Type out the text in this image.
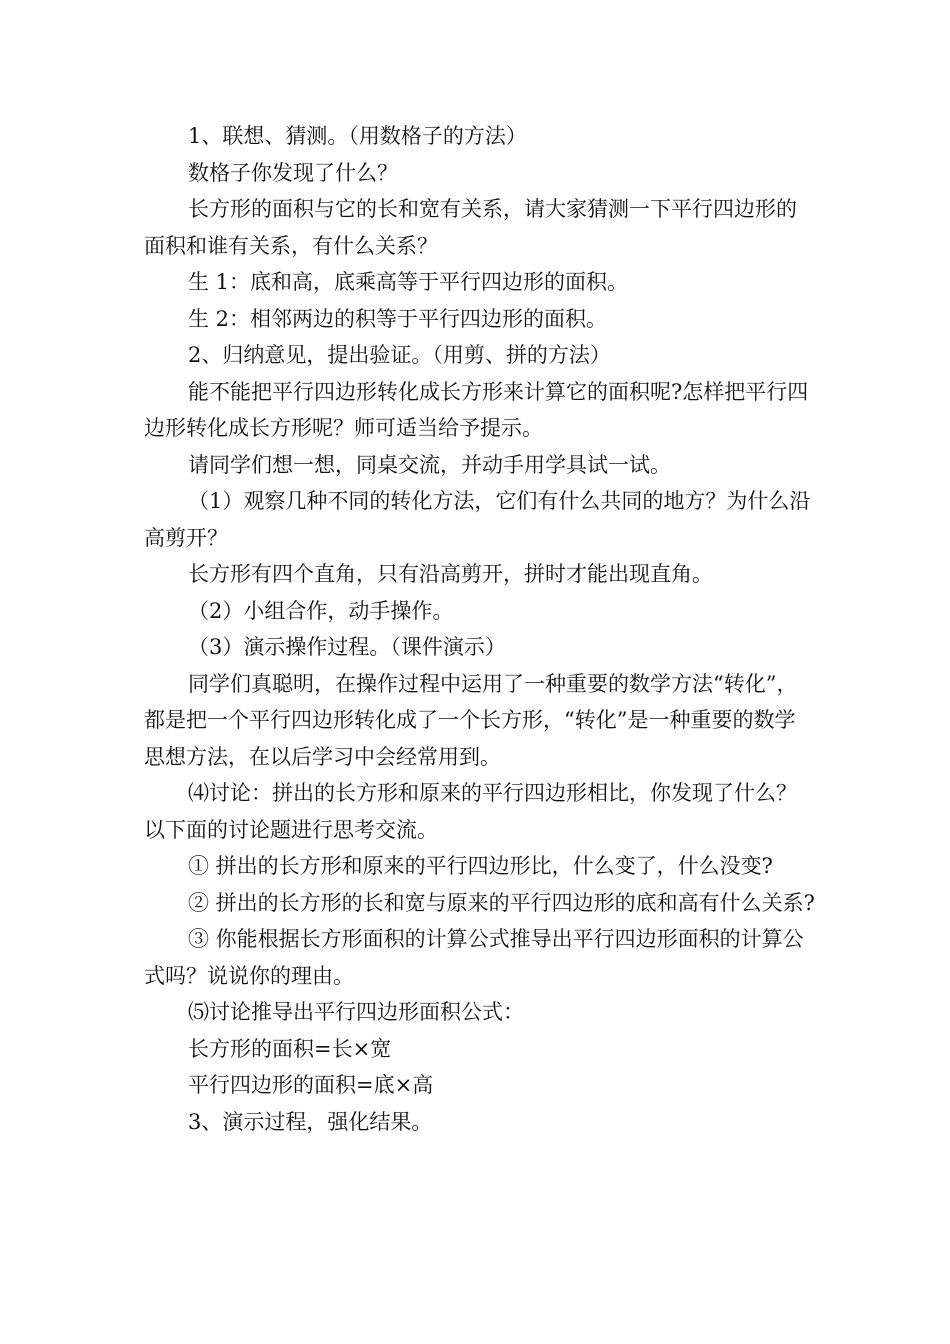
1、联想、猜测。（用数格子的方法）

数格子你发现了什么？

长方形的面积与它的长和宽有关系，请大家猜测一下平行四边形的面积和谁有关系，有什么关系？

生 1：底和高，底乘高等于平行四边形的面积。

生 2：相邻两边的积等于平行四边形的面积。

2、归纳意见，提出验证。（用剪、拼的方法）

能不能把平行四边形转化成长方形来计算它的面积呢?怎样把平行四边形转化成长方形呢？师可适当给予提示。

请同学们想一想，同桌交流，并动手用学具试一试。

（1）观察几种不同的转化方法，它们有什么共同的地方？为什么沿高剪开？

长方形有四个直角，只有沿高剪开，拼时才能出现直角。

（2）小组合作，动手操作。

（3）演示操作过程。（课件演示）

同学们真聪明，在操作过程中运用了一种重要的数学方法“转化”，都是把一个平行四边形转化成了一个长方形，“转化”是一种重要的数学思想方法，在以后学习中会经常用到。

⑷讨论：拼出的长方形和原来的平行四边形相比，你发现了什么？以下面的讨论题进行思考交流。

① 拼出的长方形和原来的平行四边形比，什么变了，什么没变?

② 拼出的长方形的长和宽与原来的平行四边形的底和高有什么关系?

③ 你能根据长方形面积的计算公式推导出平行四边形面积的计算公式吗？说说你的理由。

⑸讨论推导出平行四边形面积公式：

长方形的面积=长×宽

平行四边形的面积=底×高

3、演示过程，强化结果。
